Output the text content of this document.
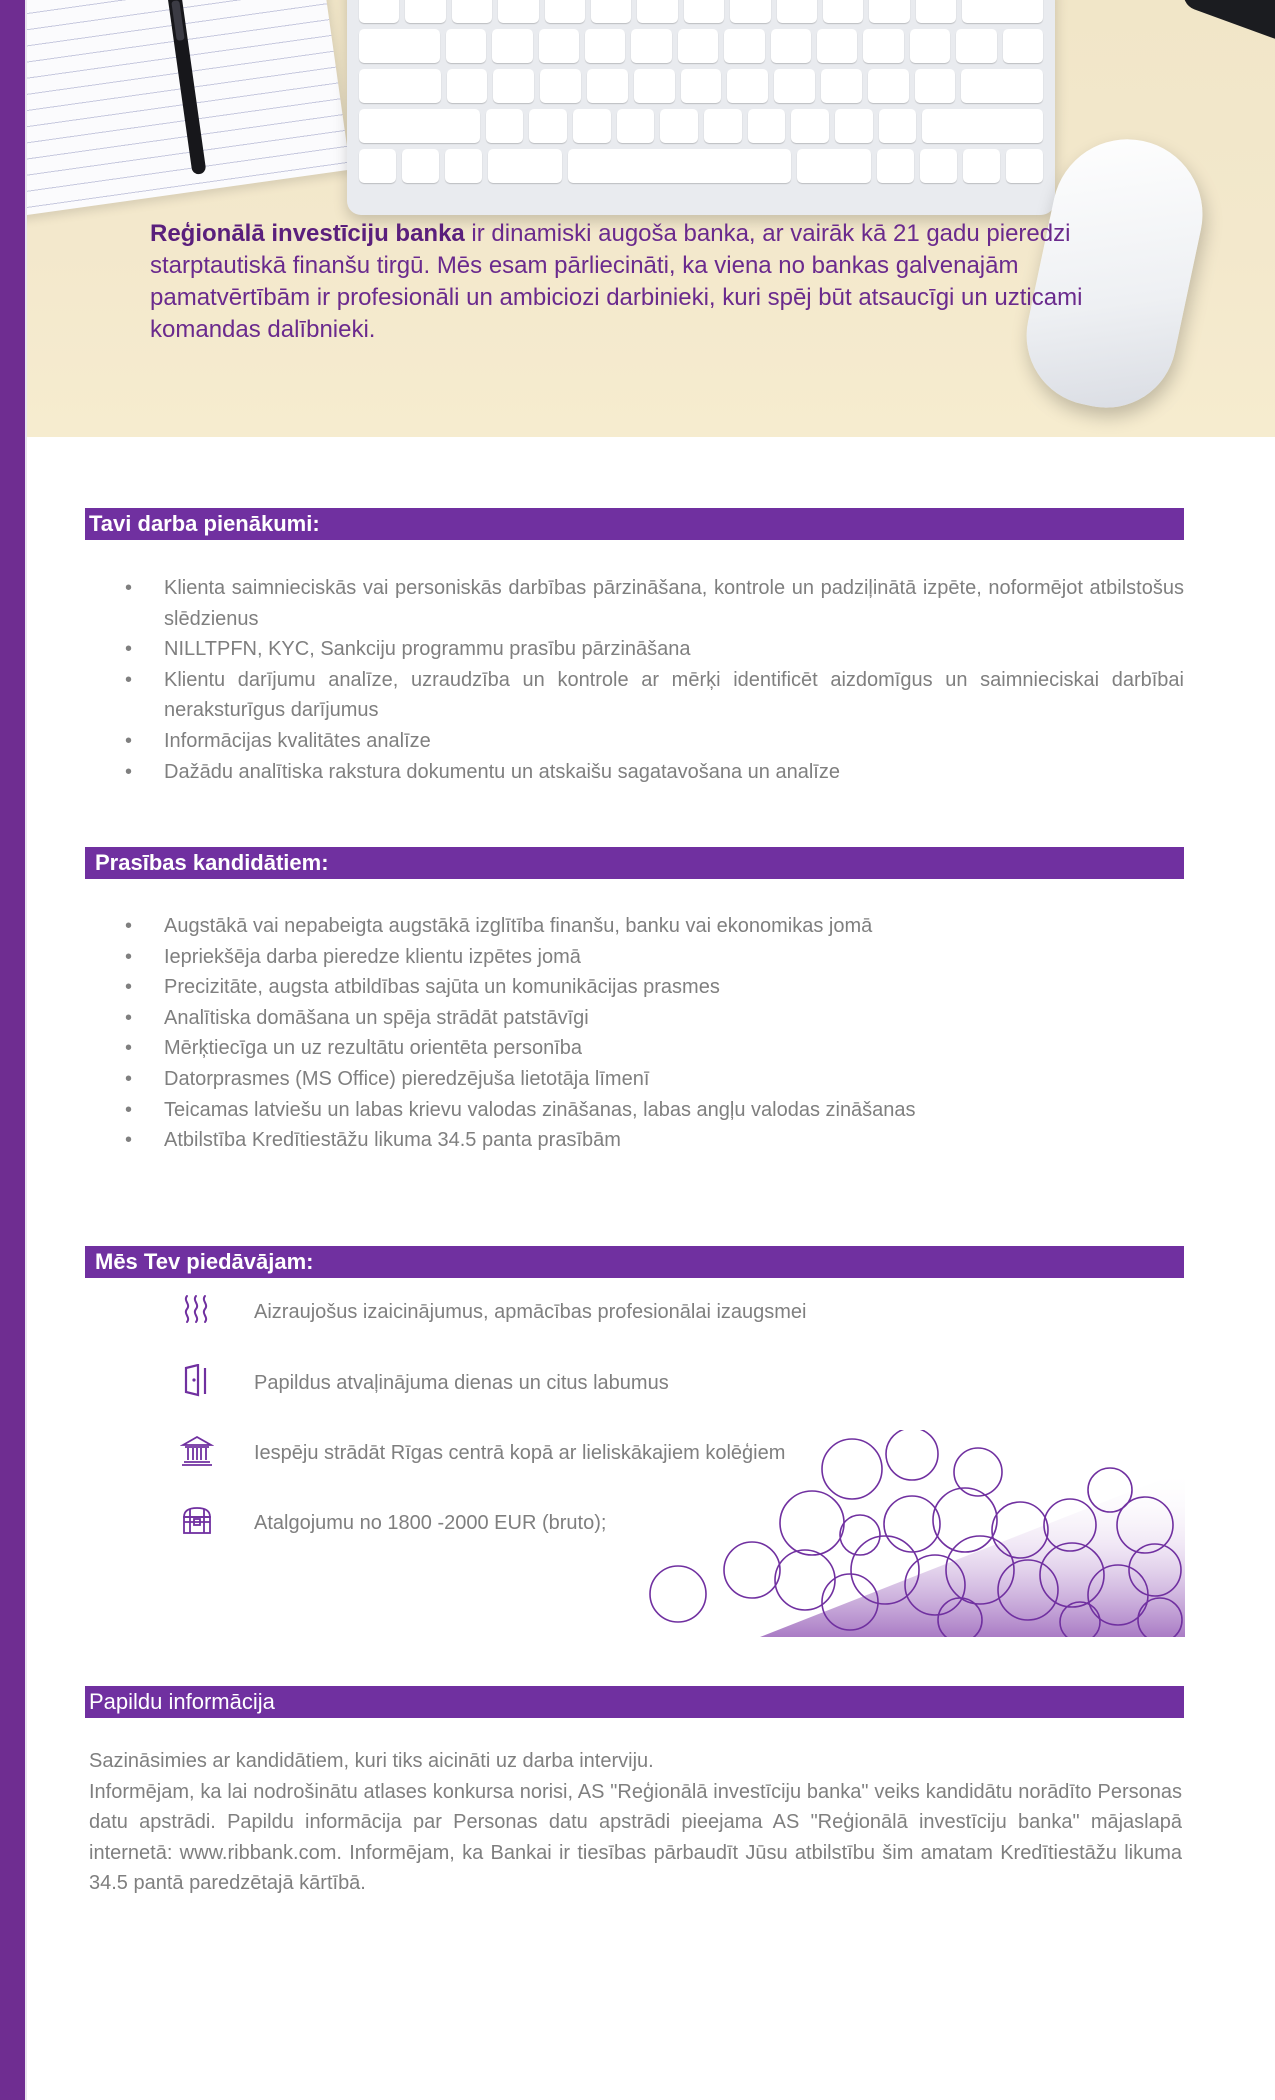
Reģionālā investīciju banka ir dinamiski augoša banka, ar vairāk kā 21 gadu pieredzi starptautiskā finanšu tirgū. Mēs esam pārliecināti, ka viena no bankas galvenajām pamatvērtībām ir profesionāli un ambiciozi darbinieki, kuri spēj būt atsaucīgi un uzticami komandas dalībnieki.

Tavi darba pienākumi:
• Klienta saimnieciskās vai personiskās darbības pārzināšana, kontrole un padziļinātā izpēte, noformējot atbilstošus slēdzienus
• NILLTPFN, KYC, Sankciju programmu prasību pārzināšana
• Klientu darījumu analīze, uzraudzība un kontrole ar mērķi identificēt aizdomīgus un saimnieciskai darbībai neraksturīgus darījumus
• Informācijas kvalitātes analīze
• Dažādu analītiska rakstura dokumentu un atskaišu sagatavošana un analīze
Prasības kandidātiem:
• Augstākā vai nepabeigta augstākā izglītība finanšu, banku vai ekonomikas jomā
• Iepriekšēja darba pieredze klientu izpētes jomā
• Precizitāte, augsta atbildības sajūta un komunikācijas prasmes
• Analītiska domāšana un spēja strādāt patstāvīgi
• Mērķtiecīga un uz rezultātu orientēta personība
• Datorprasmes (MS Office) pieredzējuša lietotāja līmenī
• Teicamas latviešu un labas krievu valodas zināšanas, labas angļu valodas zināšanas
• Atbilstība Kredītiestāžu likuma 34.5 panta prasībām
Mēs Tev piedāvājam:
Aizraujošus izaicinājumus, apmācības profesionālai izaugsmei
Papildus atvaļinājuma dienas un citus labumus
Iespēju strādāt Rīgas centrā kopā ar lieliskākajiem kolēģiem
Atalgojumu no 1800 -2000 EUR (bruto);
Papildu informācija

Sazināsimies ar kandidātiem, kuri tiks aicināti uz darba interviju.

Informējam, ka lai nodrošinātu atlases konkursa norisi, AS "Reģionālā investīciju banka" veiks kandidātu norādīto Personas datu apstrādi. Papildu informācija par Personas datu apstrādi pieejama AS "Reģionālā investīciju banka" mājaslapā internetā: www.ribbank.com. Informējam, ka Bankai ir tiesības pārbaudīt Jūsu atbilstību šim amatam Kredītiestāžu likuma 34.5 pantā paredzētajā kārtībā.
